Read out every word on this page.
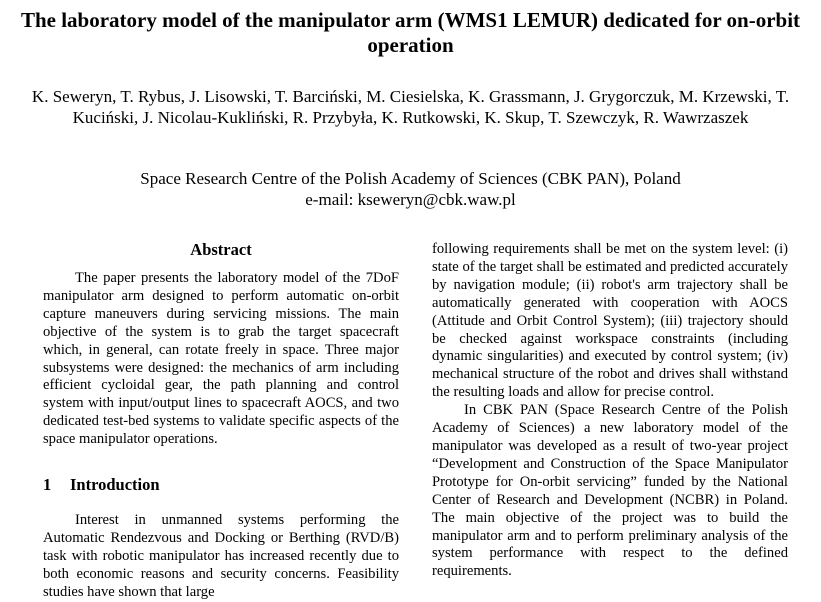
The laboratory model of the manipulator arm (WMS1 LEMUR) dedicated for on-orbit operation
K. Seweryn, T. Rybus, J. Lisowski, T. Barciński, M. Ciesielska, K. Grassmann, J. Grygorczuk, M. Krzewski, T. Kuciński, J. Nicolau-Kukliński, R. Przybyła, K. Rutkowski, K. Skup, T. Szewczyk, R. Wawrzaszek
Space Research Centre of the Polish Academy of Sciences (CBK PAN), Poland
e-mail: kseweryn@cbk.waw.pl
Abstract

The paper presents the laboratory model of the 7DoF manipulator arm designed to perform automatic on-orbit capture maneuvers during servicing missions. The main objective of the system is to grab the target spacecraft which, in general, can rotate freely in space. Three major subsystems were designed: the mechanics of arm including efficient cycloidal gear, the path planning and control system with input/output lines to spacecraft AOCS, and two dedicated test-bed systems to validate specific aspects of the space manipulator operations.

1 Introduction

Interest in unmanned systems performing the Automatic Rendezvous and Docking or Berthing (RVD/B) task with robotic manipulator has increased recently due to both economic reasons and security concerns. Feasibility studies have shown that large

following requirements shall be met on the system level: (i) state of the target shall be estimated and predicted accurately by navigation module; (ii) robot's arm trajectory shall be automatically generated with cooperation with AOCS (Attitude and Orbit Control System); (iii) trajectory should be checked against workspace constraints (including dynamic singularities) and executed by control system; (iv) mechanical structure of the robot and drives shall withstand the resulting loads and allow for precise control.

In CBK PAN (Space Research Centre of the Polish Academy of Sciences) a new laboratory model of the manipulator was developed as a result of two-year project “Development and Construction of the Space Manipulator Prototype for On-orbit servicing” funded by the National Center of Research and Development (NCBR) in Poland. The main objective of the project was to build the manipulator arm and to perform preliminary analysis of the system performance with respect to the defined requirements.
